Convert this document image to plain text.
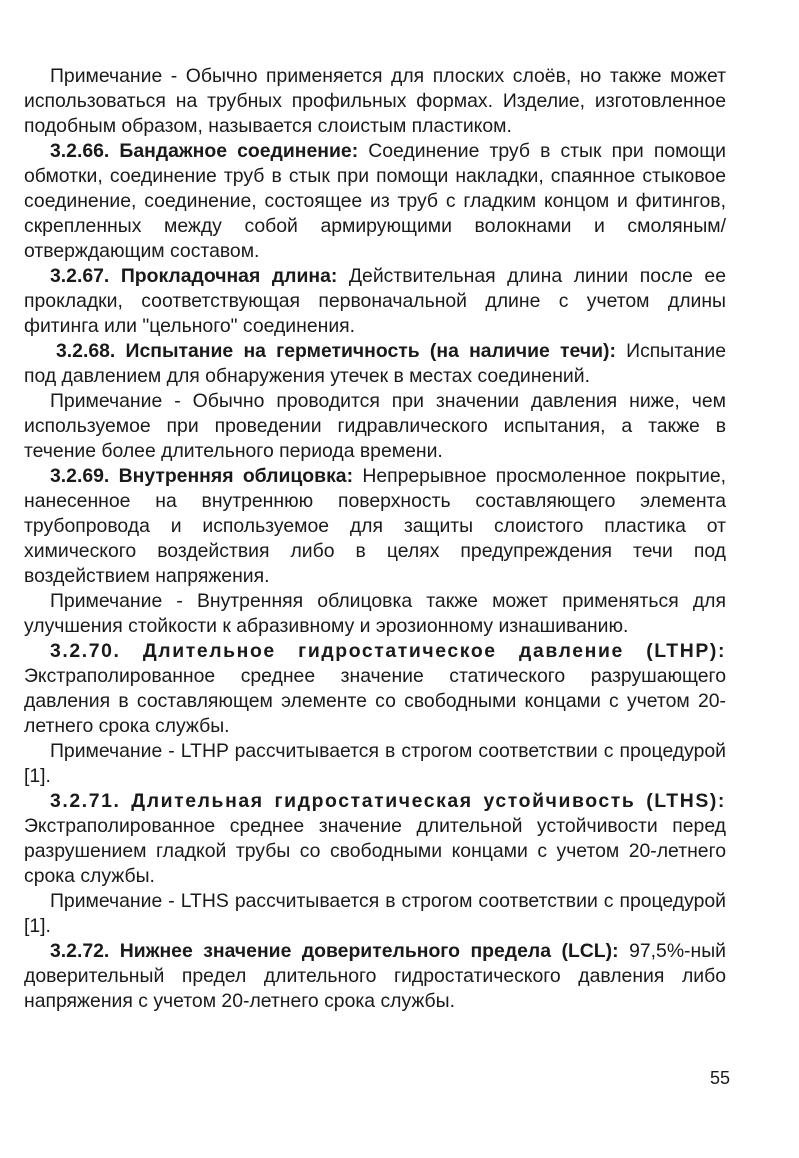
Примечание - Обычно применяется для плоских слоёв, но также может использоваться на трубных профильных формах. Изделие, изготовленное подобным образом, называется слоистым пластиком.

3.2.66. Бандажное соединение: Соединение труб в стык при помощи обмотки, соединение труб в стык при помощи накладки, спаянное стыковое соединение, соединение, состоящее из труб с гладким концом и фитингов, скрепленных между собой армирующими волокнами и смоляным/ отверждающим составом.

3.2.67. Прокладочная длина: Действительная длина линии после ее прокладки, соответствующая первоначальной длине с учетом длины фитинга или "цельного" соединения.

3.2.68. Испытание на герметичность (на наличие течи): Испытание под давлением для обнаружения утечек в местах соединений.

Примечание - Обычно проводится при значении давления ниже, чем используемое при проведении гидравлического испытания, а также в течение более длительного периода времени.

3.2.69. Внутренняя облицовка: Непрерывное просмоленное покрытие, нанесенное на внутреннюю поверхность составляющего элемента трубопровода и используемое для защиты слоистого пластика от химического воздействия либо в целях предупреждения течи под воздействием напряжения.

Примечание - Внутренняя облицовка также может применяться для улучшения стойкости к абразивному и эрозионному изнашиванию.

3.2.70. Длительное гидростатическое давление (LTHP): Экстраполированное среднее значение статического разрушающего давления в составляющем элементе со свободными концами с учетом 20-летнего срока службы.

Примечание - LTHP рассчитывается в строгом соответствии с процедурой [1].

3.2.71. Длительная гидростатическая устойчивость (LTHS): Экстраполированное среднее значение длительной устойчивости перед разрушением гладкой трубы со свободными концами с учетом 20-летнего срока службы.

Примечание - LTHS рассчитывается в строгом соответствии с процедурой [1].

3.2.72. Нижнее значение доверительного предела (LCL): 97,5%-ный доверительный предел длительного гидростатического давления либо напряжения с учетом 20-летнего срока службы.

55
